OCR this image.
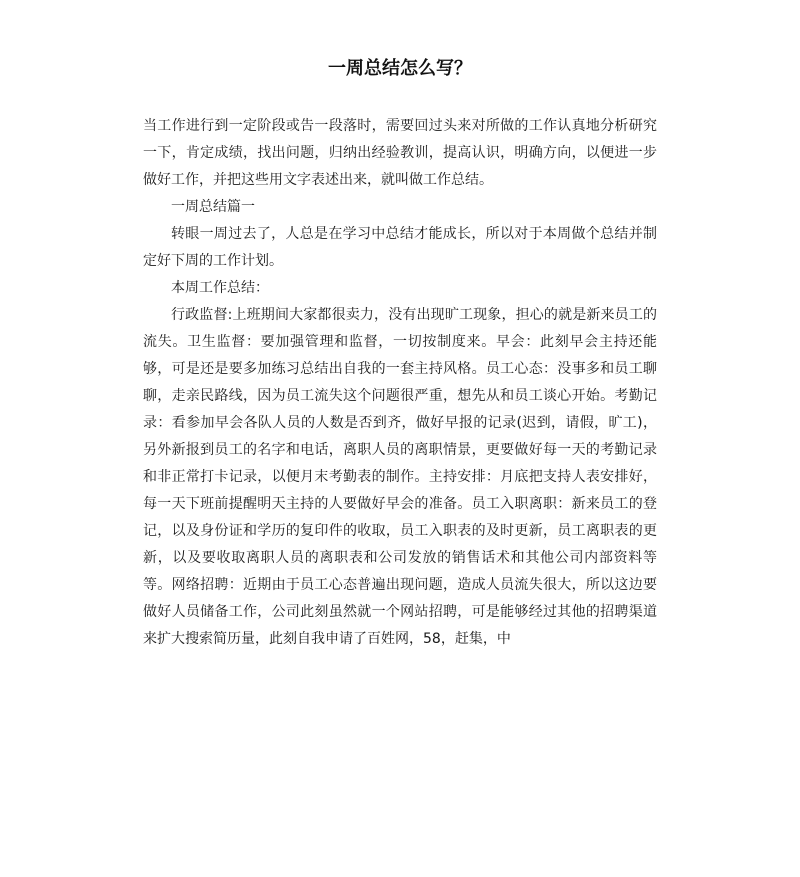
一周总结怎么写？

当工作进行到一定阶段或告一段落时，需要回过头来对所做的工作认真地分析研究一下，肯定成绩，找出问题，归纳出经验教训，提高认识，明确方向，以便进一步做好工作，并把这些用文字表述出来，就叫做工作总结。

一周总结篇一

转眼一周过去了，人总是在学习中总结才能成长，所以对于本周做个总结并制定好下周的工作计划。

本周工作总结：

行政监督:上班期间大家都很卖力，没有出现旷工现象，担心的就是新来员工的流失。卫生监督：要加强管理和监督，一切按制度来。早会：此刻早会主持还能够，可是还是要多加练习总结出自我的一套主持风格。员工心态：没事多和员工聊聊，走亲民路线，因为员工流失这个问题很严重，想先从和员工谈心开始。考勤记录：看参加早会各队人员的人数是否到齐，做好早报的记录(迟到，请假，旷工)，另外新报到员工的名字和电话，离职人员的离职情景，更要做好每一天的考勤记录和非正常打卡记录，以便月末考勤表的制作。主持安排：月底把支持人表安排好，每一天下班前提醒明天主持的人要做好早会的准备。员工入职离职：新来员工的登记，以及身份证和学历的复印件的收取，员工入职表的及时更新，员工离职表的更新，以及要收取离职人员的离职表和公司发放的销售话术和其他公司内部资料等等。网络招聘：近期由于员工心态普遍出现问题，造成人员流失很大，所以这边要做好人员储备工作，公司此刻虽然就一个网站招聘，可是能够经过其他的招聘渠道来扩大搜索简历量，此刻自我申请了百姓网，58，赶集，中
